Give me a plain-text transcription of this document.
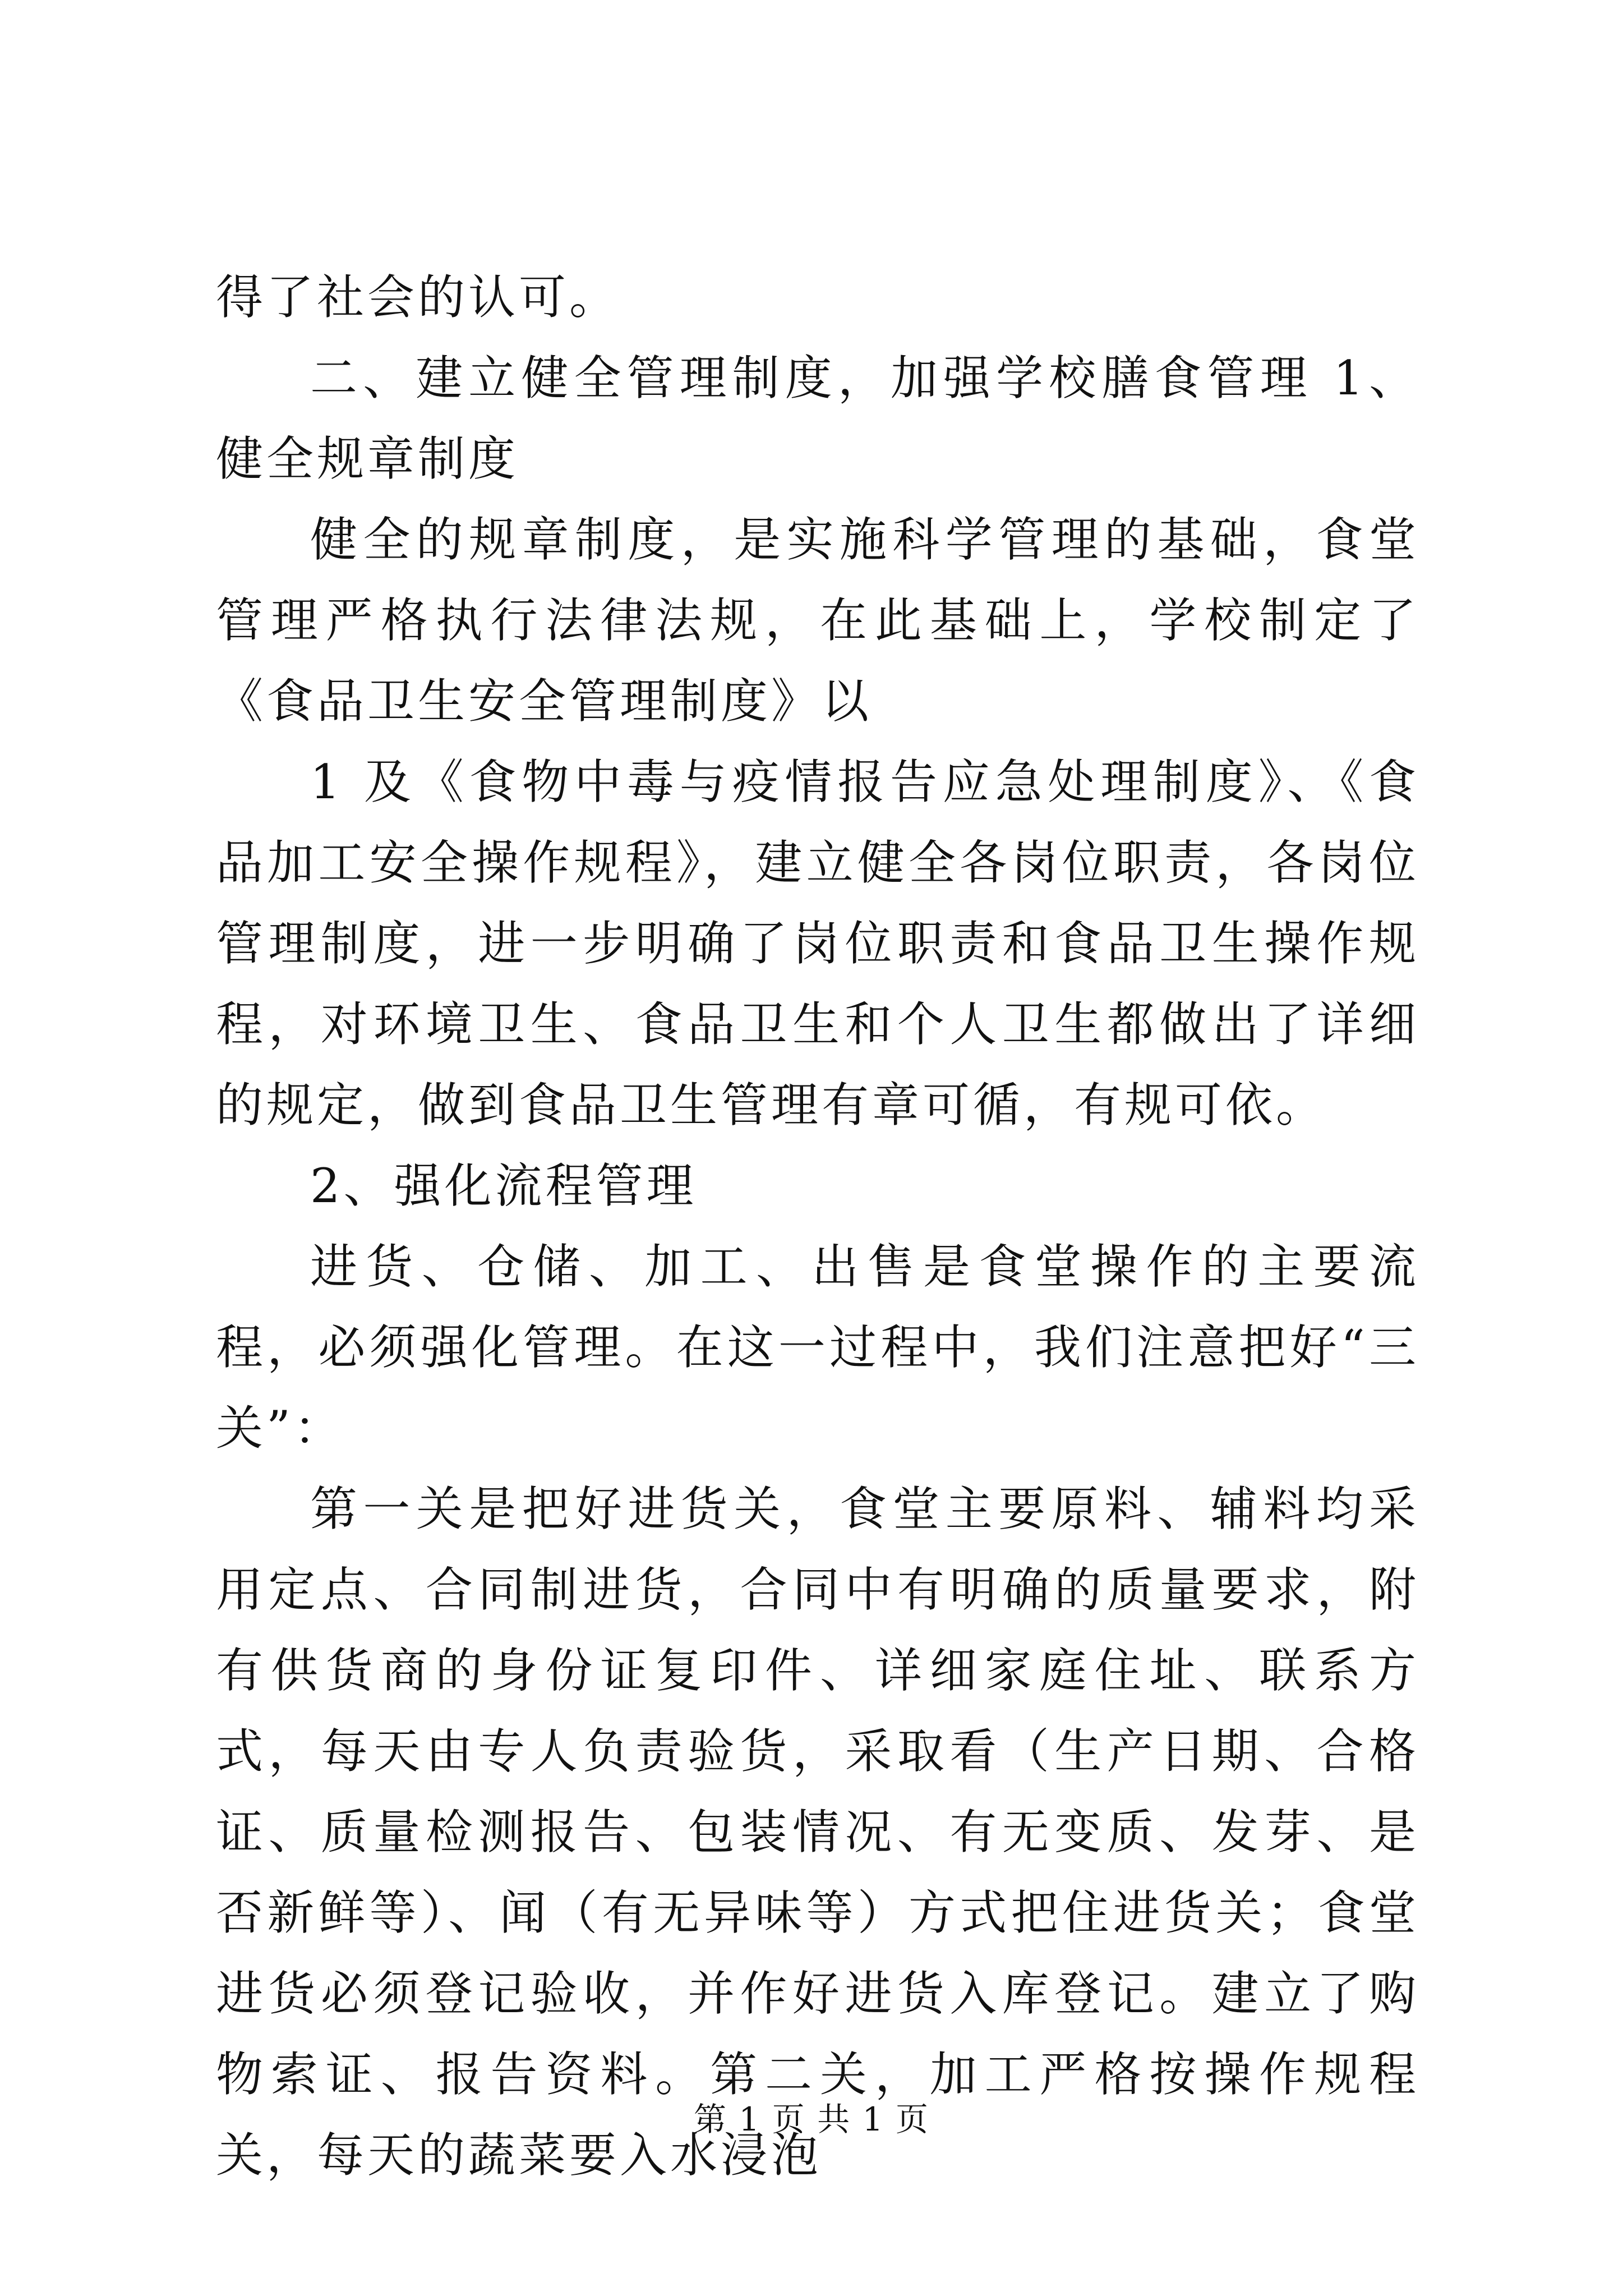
得了社会的认可。

二、建立健全管理制度，加强学校膳食管理 1、健全规章制度

健全的规章制度，是实施科学管理的基础，食堂管理严格执行法律法规，在此基础上，学校制定了《食品卫生安全管理制度》以

1 及《食物中毒与疫情报告应急处理制度》、《食品加工安全操作规程》，建立健全各岗位职责，各岗位管理制度，进一步明确了岗位职责和食品卫生操作规程，对环境卫生、食品卫生和个人卫生都做出了详细的规定，做到食品卫生管理有章可循，有规可依。

2、强化流程管理

进货、仓储、加工、出售是食堂操作的主要流程，必须强化管理。在这一过程中，我们注意把好“三关”：

第一关是把好进货关，食堂主要原料、辅料均采用定点、合同制进货，合同中有明确的质量要求，附有供货商的身份证复印件、详细家庭住址、联系方式，每天由专人负责验货，采取看（生产日期、合格证、质量检测报告、包装情况、有无变质、发芽、是否新鲜等）、闻（有无异味等）方式把住进货关；食堂进货必须登记验收，并作好进货入库登记。建立了购物索证、报告资料。第二关，加工严格按操作规程关，每天的蔬菜要入水浸泡

第 1 页 共 1 页
